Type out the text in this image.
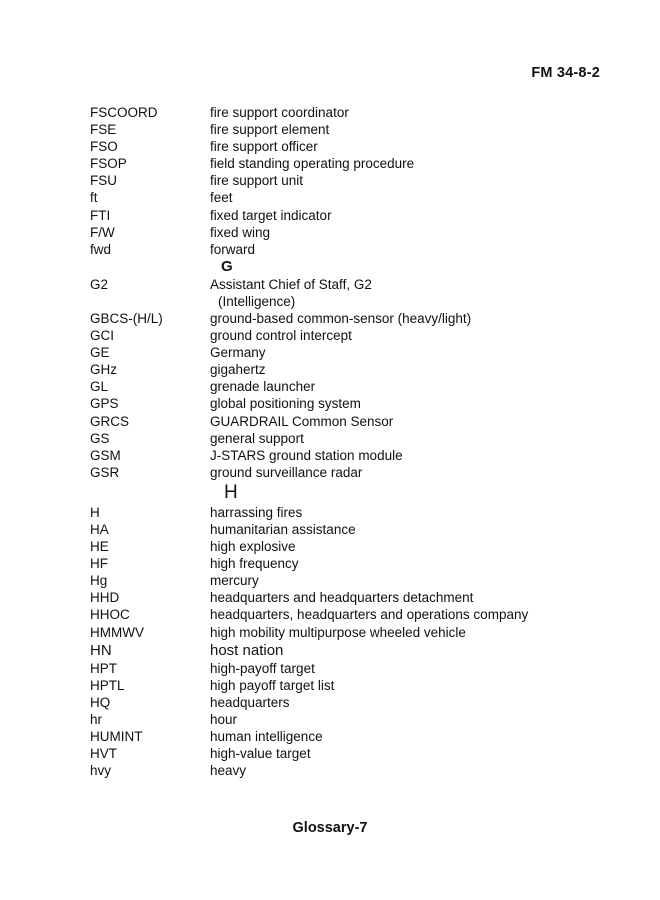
FM 34-8-2
FSCOORD	fire support coordinator
FSE	fire support element
FSO	fire support officer
FSOP	field standing operating procedure
FSU	fire support unit
ft	feet
FTI	fixed target indicator
F/W	fixed wing
fwd	forward
G
G2	Assistant Chief of Staff, G2
(Intelligence)
GBCS-(H/L)	ground-based common-sensor (heavy/light)
GCI	ground control intercept
GE	Germany
GHz	gigahertz
GL	grenade launcher
GPS	global positioning system
GRCS	GUARDRAIL Common Sensor
GS	general support
GSM	J-STARS ground station module
GSR	ground surveillance radar
H
H	harrassing fires
HA	humanitarian assistance
HE	high explosive
HF	high frequency
Hg	mercury
HHD	headquarters and headquarters detachment
HHOC	headquarters, headquarters and operations company
HMMWV	high mobility multipurpose wheeled vehicle
HN	host nation
HPT	high-payoff target
HPTL	high payoff target list
HQ	headquarters
hr	hour
HUMINT	human intelligence
HVT	high-value target
hvy	heavy
Glossary-7
